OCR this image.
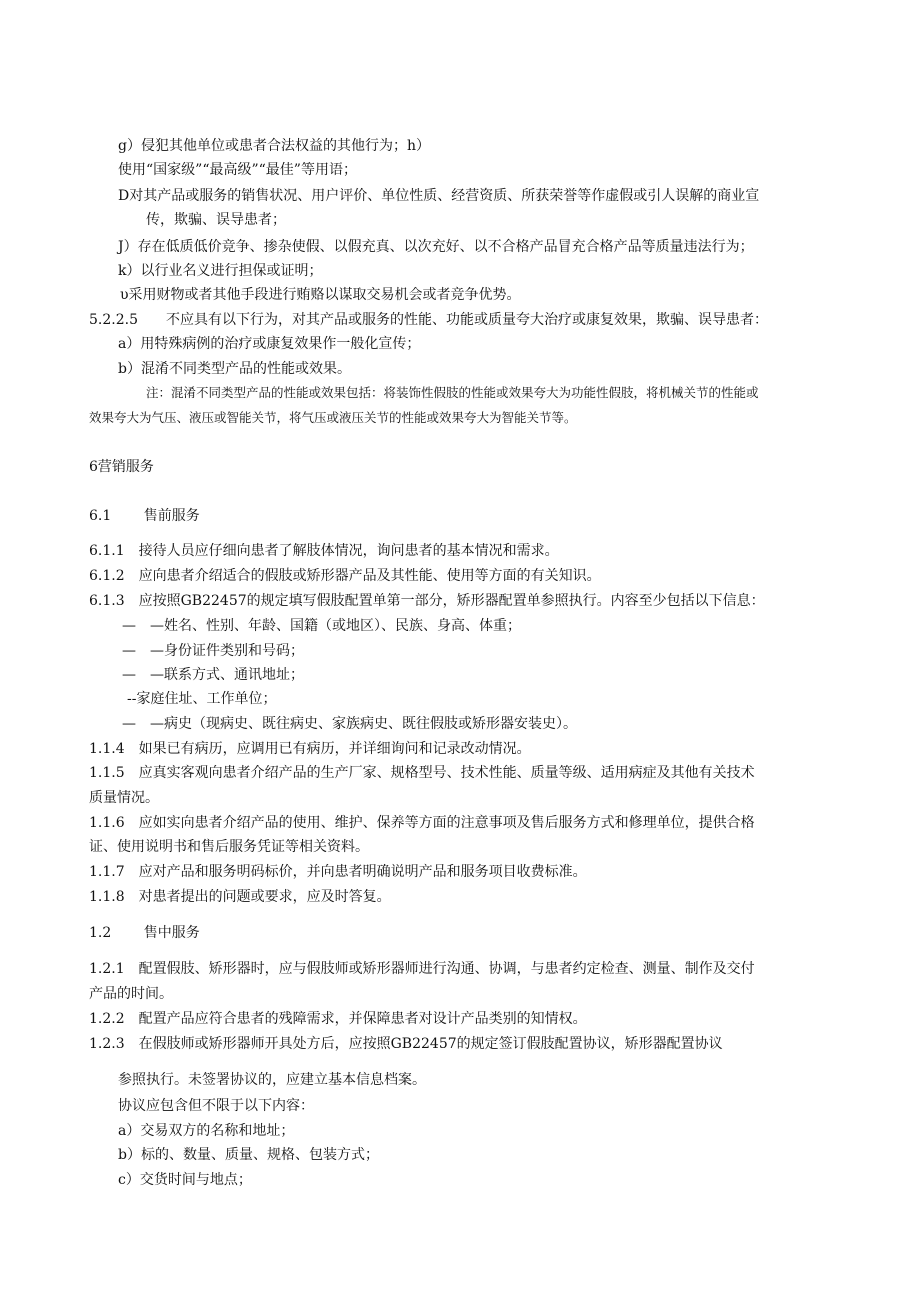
g）侵犯其他单位或患者合法权益的其他行为；h）
使用“国家级”“最高级”“最佳”等用语；
D对其产品或服务的销售状况、用户评价、单位性质、经营资质、所获荣誉等作虚假或引人误解的商业宣
传，欺骗、误导患者；
J）存在低质低价竞争、掺杂使假、以假充真、以次充好、以不合格产品冒充合格产品等质量违法行为；
k）以行业名义进行担保或证明；
υ采用财物或者其他手段进行贿赂以谋取交易机会或者竞争优势。
5.2.2.5　　不应具有以下行为，对其产品或服务的性能、功能或质量夸大治疗或康复效果，欺骗、误导患者：
a）用特殊病例的治疗或康复效果作一般化宣传；
b）混淆不同类型产品的性能或效果。
注：混淆不同类型产品的性能或效果包括：将装饰性假肢的性能或效果夸大为功能性假肢，将机械关节的性能或
效果夸大为气压、液压或智能关节，将气压或液压关节的性能或效果夸大为智能关节等。
6营销服务
6.1　　 售前服务
6.1.1　接待人员应仔细向患者了解肢体情况，询问患者的基本情况和需求。
6.1.2　应向患者介绍适合的假肢或矫形器产品及其性能、使用等方面的有关知识。
6.1.3　应按照GB22457的规定填写假肢配置单第一部分，矫形器配置单参照执行。内容至少包括以下信息：
—　—姓名、性别、年龄、国籍（或地区）、民族、身高、体重；
—　—身份证件类别和号码；
—　—联系方式、通讯地址；
--家庭住址、工作单位；
—　—病史（现病史、既往病史、家族病史、既往假肢或矫形器安装史）。
1.1.4　如果已有病历，应调用已有病历，并详细询问和记录改动情况。
1.1.5　应真实客观向患者介绍产品的生产厂家、规格型号、技术性能、质量等级、适用病症及其他有关技术
质量情况。
1.1.6　应如实向患者介绍产品的使用、维护、保养等方面的注意事项及售后服务方式和修理单位，提供合格
证、使用说明书和售后服务凭证等相关资料。
1.1.7　应对产品和服务明码标价，并向患者明确说明产品和服务项目收费标准。
1.1.8　对患者提出的问题或要求，应及时答复。
1.2　　 售中服务
1.2.1　配置假肢、矫形器时，应与假肢师或矫形器师进行沟通、协调，与患者约定检查、测量、制作及交付
产品的时间。
1.2.2　配置产品应符合患者的残障需求，并保障患者对设计产品类别的知情权。
1.2.3　在假肢师或矫形器师开具处方后，应按照GB22457的规定签订假肢配置协议，矫形器配置协议
参照执行。未签署协议的，应建立基本信息档案。
协议应包含但不限于以下内容：
a）交易双方的名称和地址；
b）标的、数量、质量、规格、包装方式；
c）交货时间与地点；
